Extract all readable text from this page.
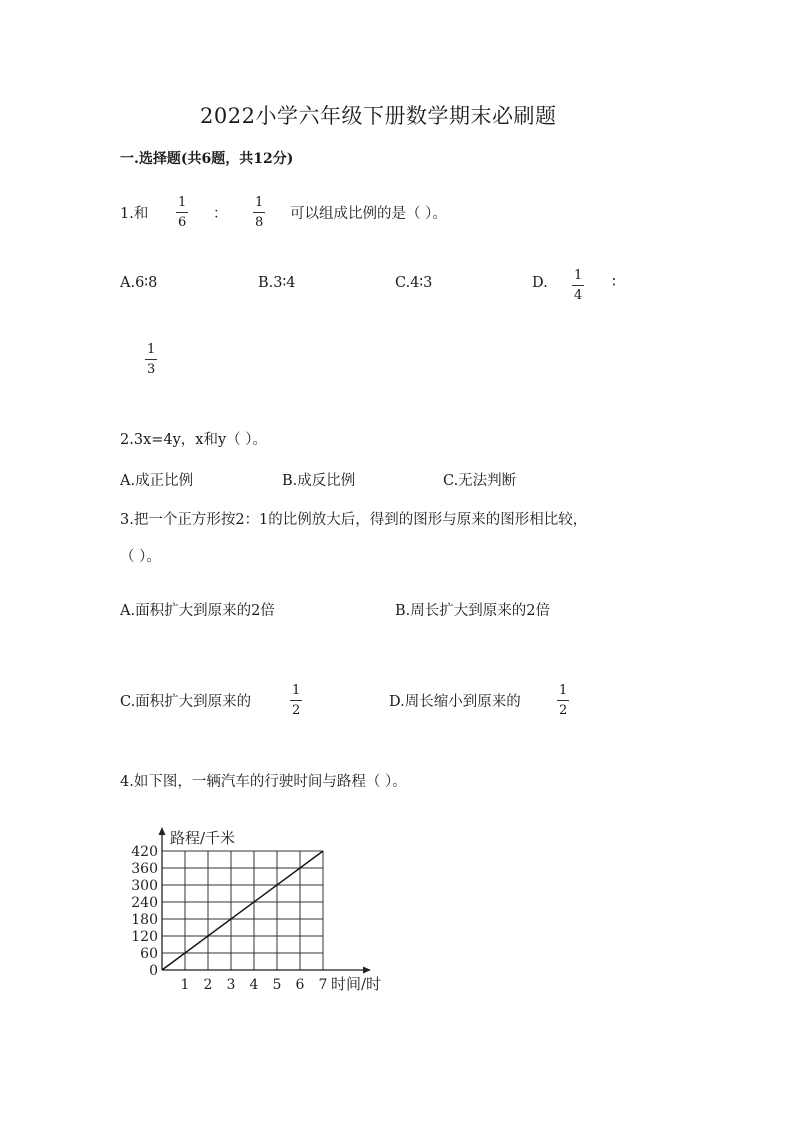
2022小学六年级下册数学期末必刷题
一.选择题(共6题，共12分)
1.和
1
6
：
1
8
可以组成比例的是（ ）。
A.6∶8	B.3∶4	C.4∶3	D. 1
4
∶
1
3
2.3x=4y，x和y（ ）。
A.成正比例	B.成反比例	C.无法判断
3.把一个正方形按2：1的比例放大后，得到的图形与原来的图形相比较，
（ ）。
A.面积扩大到原来的2倍	B.周长扩大到原来的2倍
C.面积扩大到原来的
1
2
D.周长缩小到原来的
1
2
4.如下图，一辆汽车的行驶时间与路程（ ）。
0
60
120
180
240
300
360
420
1 2 3 4 5 6 7
路程/千米
时间/时
